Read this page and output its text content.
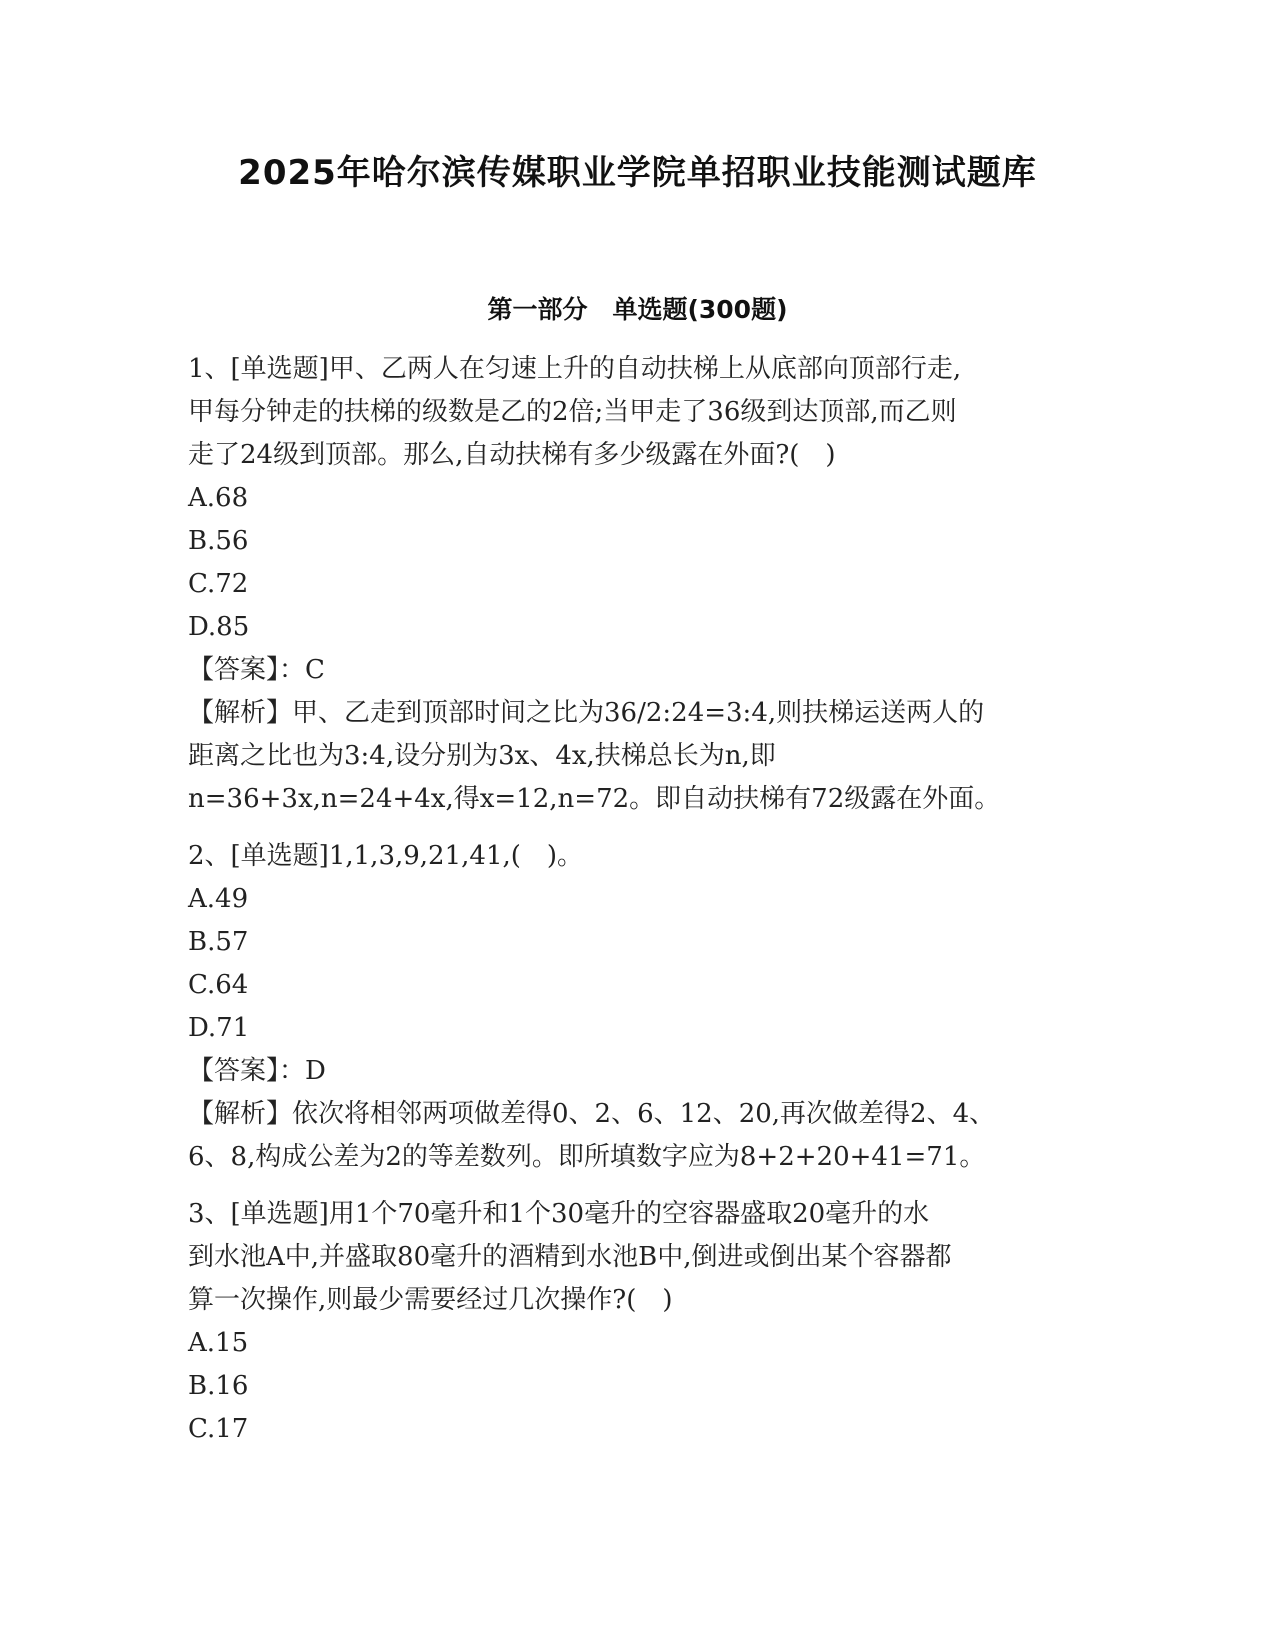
2025年哈尔滨传媒职业学院单招职业技能测试题库
第一部分　单选题(300题)
1、[单选题]甲、乙两人在匀速上升的自动扶梯上从底部向顶部行走,
甲每分钟走的扶梯的级数是乙的2倍;当甲走了36级到达顶部,而乙则
走了24级到顶部。那么,自动扶梯有多少级露在外面?(　)
A.68
B.56
C.72
D.85
【答案】：C
【解析】甲、乙走到顶部时间之比为36/2:24=3:4,则扶梯运送两人的
距离之比也为3:4,设分别为3x、4x,扶梯总长为n,即
n=36+3x,n=24+4x,得x=12,n=72。即自动扶梯有72级露在外面。
2、[单选题]1,1,3,9,21,41,(　)。
A.49
B.57
C.64
D.71
【答案】：D
【解析】依次将相邻两项做差得0、2、6、12、20,再次做差得2、4、
6、8,构成公差为2的等差数列。即所填数字应为8+2+20+41=71。
3、[单选题]用1个70毫升和1个30毫升的空容器盛取20毫升的水
到水池A中,并盛取80毫升的酒精到水池B中,倒进或倒出某个容器都
算一次操作,则最少需要经过几次操作?(　)
A.15
B.16
C.17
